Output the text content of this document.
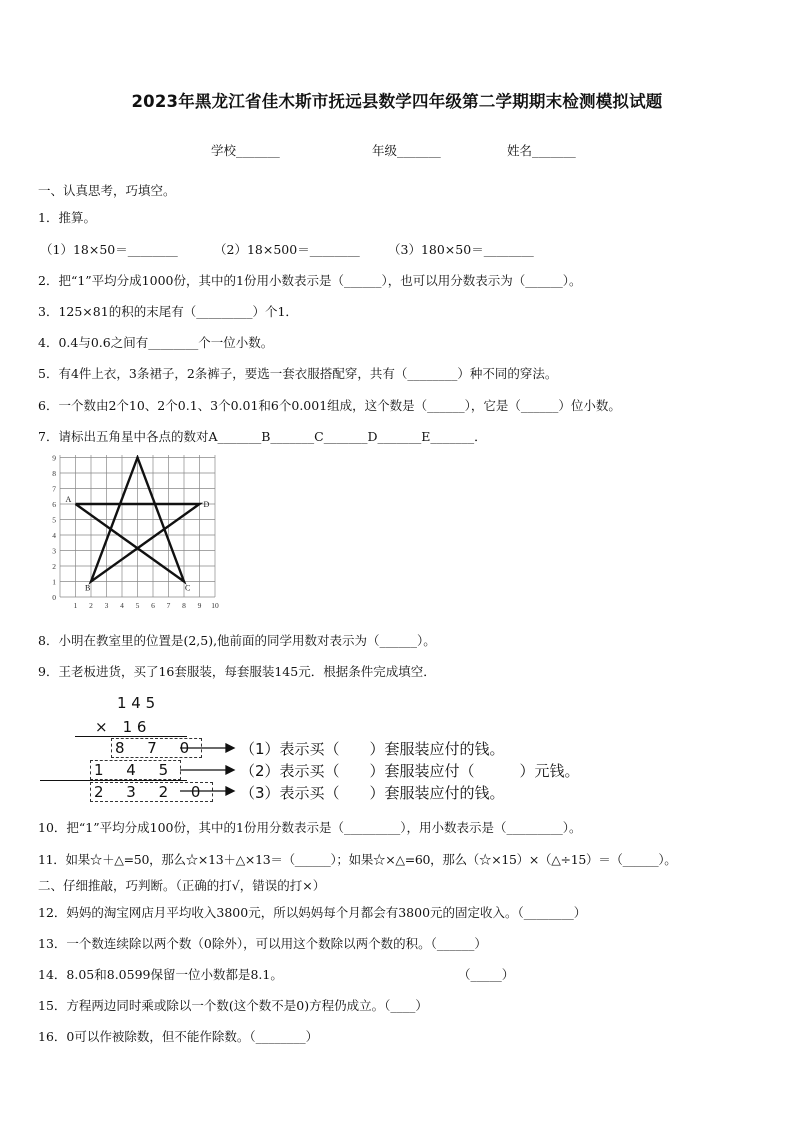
2023年黑龙江省佳木斯市抚远县数学四年级第二学期期末检测模拟试题
学校_______	年级_______	姓名_______
一、认真思考，巧填空。
1．推算。
（1）18×50＝________	（2）18×500＝________ （3）180×50＝________
2．把“1”平均分成1000份，其中的1份用小数表示是（______），也可以用分数表示为（______）。
3．125×81的积的末尾有（_________）个1．
4．0.4与0.6之间有________个一位小数。
5．有4件上衣，3条裙子，2条裤子，要选一套衣服搭配穿，共有（________）种不同的穿法。
6．一个数由2个10、2个0.1、3个0.01和6个0.001组成，这个数是（______），它是（______）位小数。
7．请标出五角星中各点的数对A_______B_______C_______D_______E_______．
9
8
7
6
5
4
3
2
1
0
1 2 3 4 5 6 7 8 9 10
A
B	C
D
8．小明在教室里的位置是(2,5),他前面的同学用数对表示为（______）。
9．王老板进货，买了16套服装，每套服装145元．根据条件完成填空．
1 4 5
×　1 6
8 7 0
1 4 5
2 3 2 0
（1）表示买（　　）套服装应付的钱。
（2）表示买（　　）套服装应付（　　　）元钱。
（3）表示买（　　）套服装应付的钱。
10．把“1”平均分成100份，其中的1份用分数表示是（_________），用小数表示是（_________）。
11．如果☆＋△=50，那么☆×13＋△×13＝（______）；如果☆×△=60，那么（☆×15）×（△÷15）＝（______）。
二、仔细推敲，巧判断。（正确的打√，错误的打×）
12．妈妈的淘宝网店月平均收入3800元，所以妈妈每个月都会有3800元的固定收入。（________）
13．一个数连续除以两个数（0除外），可以用这个数除以两个数的积。（______）
14．8.05和8.0599保留一位小数都是8.1。	（_____）
15．方程两边同时乘或除以一个数(这个数不是0)方程仍成立。（____）
16．0可以作被除数，但不能作除数。（________）
